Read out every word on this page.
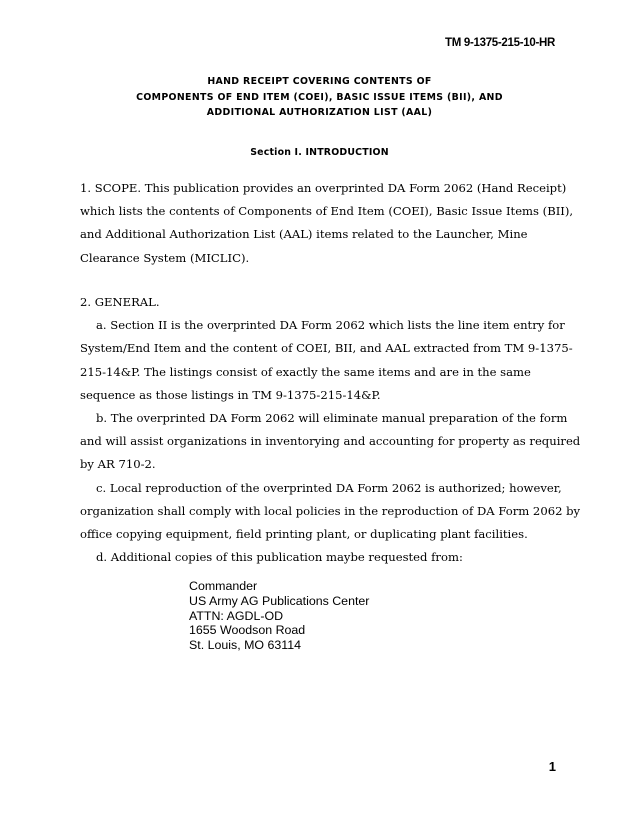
TM 9-1375-215-10-HR
HAND RECEIPT COVERING CONTENTS OF
COMPONENTS OF END ITEM (COEI), BASIC ISSUE ITEMS (BII), AND
ADDITIONAL AUTHORIZATION LIST (AAL)
Section I. INTRODUCTION
1. SCOPE. This publication provides an overprinted DA Form 2062 (Hand Receipt)
which lists the contents of Components of End Item (COEI), Basic Issue Items (BII),
and Additional Authorization List (AAL) items related to the Launcher, Mine
Clearance System (MICLIC).
2. GENERAL.
a. Section II is the overprinted DA Form 2062 which lists the line item entry for
System/End Item and the content of COEI, BII, and AAL extracted from TM 9-1375-
215-14&P. The listings consist of exactly the same items and are in the same
sequence as those listings in TM 9-1375-215-14&P.
b. The overprinted DA Form 2062 will eliminate manual preparation of the form
and will assist organizations in inventorying and accounting for property as required
by AR 710-2.
c. Local reproduction of the overprinted DA Form 2062 is authorized; however,
organization shall comply with local policies in the reproduction of DA Form 2062 by
office copying equipment, field printing plant, or duplicating plant facilities.
d. Additional copies of this publication maybe requested from:
Commander
US Army AG Publications Center
ATTN: AGDL-OD
1655 Woodson Road
St. Louis, MO 63114
1
